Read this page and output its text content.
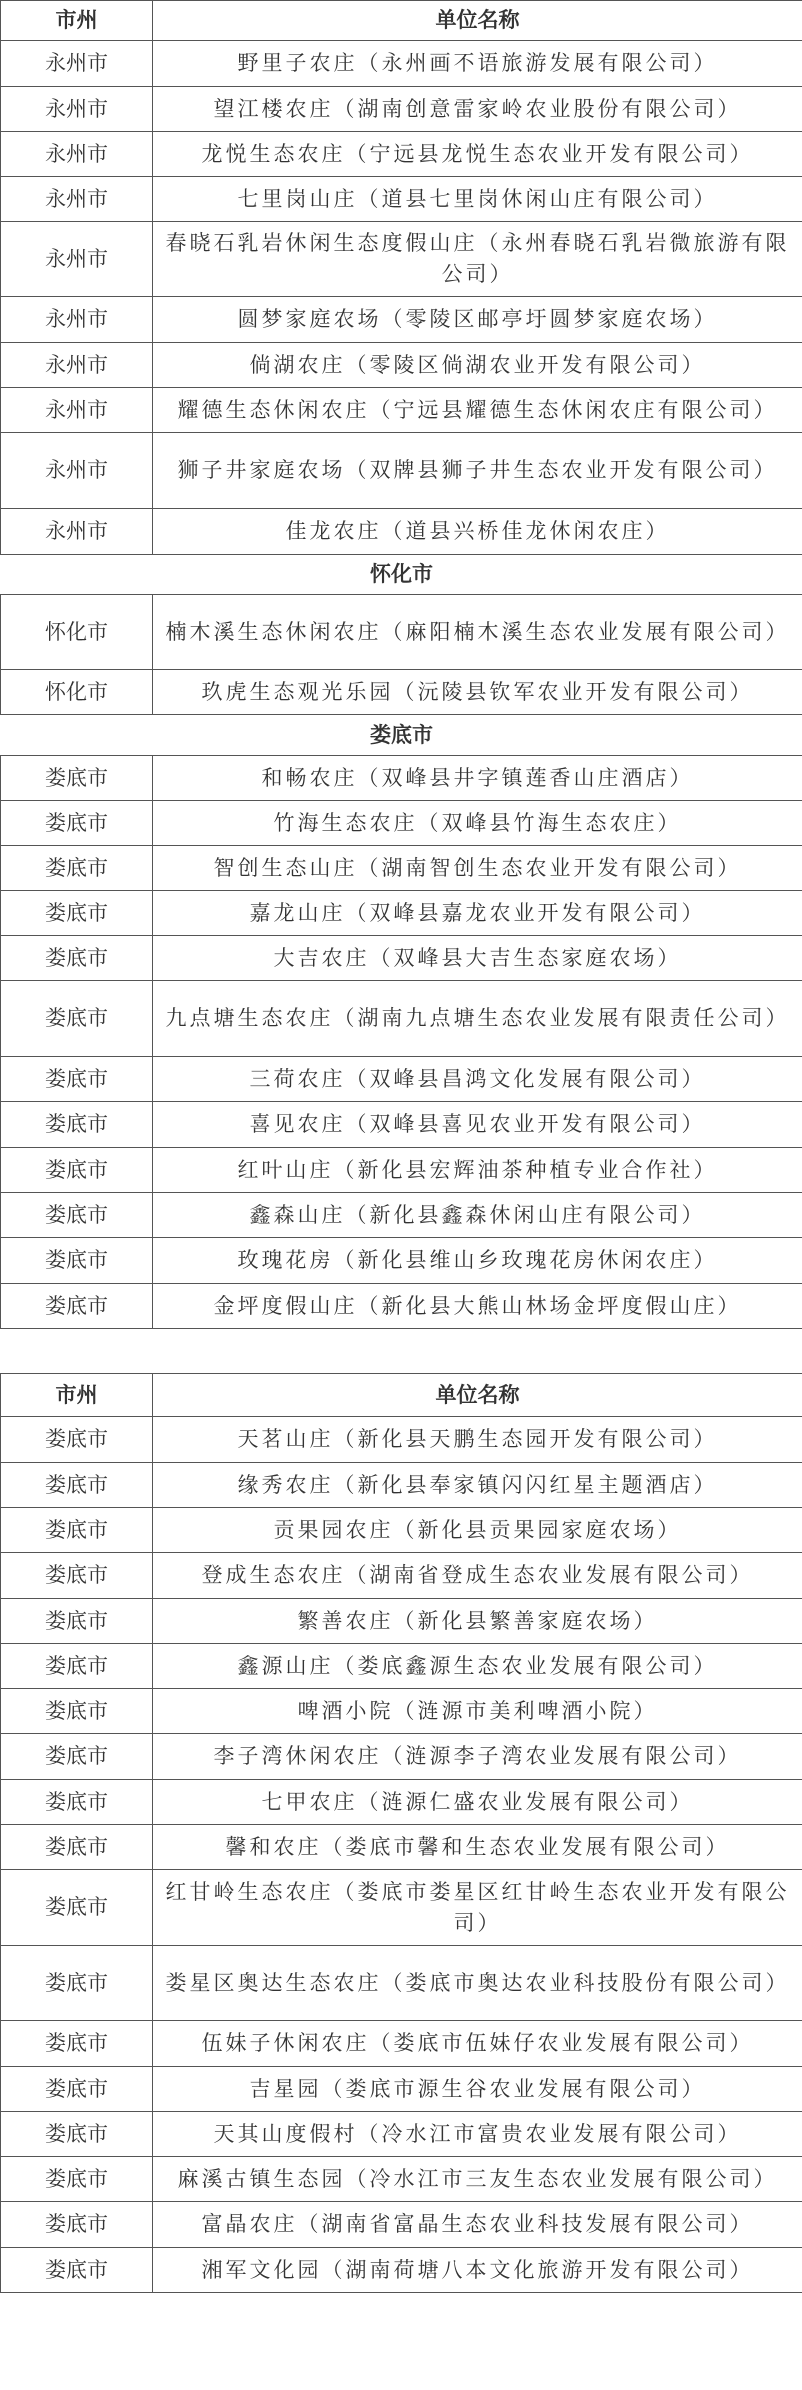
市州	单位名称
永州市	野里子农庄（永州画不语旅游发展有限公司）
永州市	望江楼农庄（湖南创意雷家岭农业股份有限公司）
永州市	龙悦生态农庄（宁远县龙悦生态农业开发有限公司）
永州市	七里岗山庄（道县七里岗休闲山庄有限公司）
永州市	春晓石乳岩休闲生态度假山庄（永州春晓石乳岩微旅游有限公司）
永州市	圆梦家庭农场（零陵区邮亭圩圆梦家庭农场）
永州市	倘湖农庄（零陵区倘湖农业开发有限公司）
永州市	耀德生态休闲农庄（宁远县耀德生态休闲农庄有限公司）
永州市	狮子井家庭农场（双牌县狮子井生态农业开发有限公司）
永州市	佳龙农庄（道县兴桥佳龙休闲农庄）
怀化市	
怀化市	楠木溪生态休闲农庄（麻阳楠木溪生态农业发展有限公司）
怀化市	玖虎生态观光乐园（沅陵县钦军农业开发有限公司）
娄底市	
娄底市	和畅农庄（双峰县井字镇莲香山庄酒店）
娄底市	竹海生态农庄（双峰县竹海生态农庄）
娄底市	智创生态山庄（湖南智创生态农业开发有限公司）
娄底市	嘉龙山庄（双峰县嘉龙农业开发有限公司）
娄底市	大吉农庄（双峰县大吉生态家庭农场）
娄底市	九点塘生态农庄（湖南九点塘生态农业发展有限责任公司）
娄底市	三荷农庄（双峰县昌鸿文化发展有限公司）
娄底市	喜见农庄（双峰县喜见农业开发有限公司）
娄底市	红叶山庄（新化县宏辉油茶种植专业合作社）
娄底市	鑫森山庄（新化县鑫森休闲山庄有限公司）
娄底市	玫瑰花房（新化县维山乡玫瑰花房休闲农庄）
娄底市	金坪度假山庄（新化县大熊山林场金坪度假山庄）
市州	单位名称
娄底市	天茗山庄（新化县天鹏生态园开发有限公司）
娄底市	缘秀农庄（新化县奉家镇闪闪红星主题酒店）
娄底市	贡果园农庄（新化县贡果园家庭农场）
娄底市	登成生态农庄（湖南省登成生态农业发展有限公司）
娄底市	繁善农庄（新化县繁善家庭农场）
娄底市	鑫源山庄（娄底鑫源生态农业发展有限公司）
娄底市	啤酒小院（涟源市美利啤酒小院）
娄底市	李子湾休闲农庄（涟源李子湾农业发展有限公司）
娄底市	七甲农庄（涟源仁盛农业发展有限公司）
娄底市	馨和农庄（娄底市馨和生态农业发展有限公司）
娄底市	红甘岭生态农庄（娄底市娄星区红甘岭生态农业开发有限公司）
娄底市	娄星区奥达生态农庄（娄底市奥达农业科技股份有限公司）
娄底市	伍妹子休闲农庄（娄底市伍妹仔农业发展有限公司）
娄底市	吉星园（娄底市源生谷农业发展有限公司）
娄底市	天其山度假村（冷水江市富贵农业发展有限公司）
娄底市	麻溪古镇生态园（冷水江市三友生态农业发展有限公司）
娄底市	富晶农庄（湖南省富晶生态农业科技发展有限公司）
娄底市	湘军文化园（湖南荷塘八本文化旅游开发有限公司）
